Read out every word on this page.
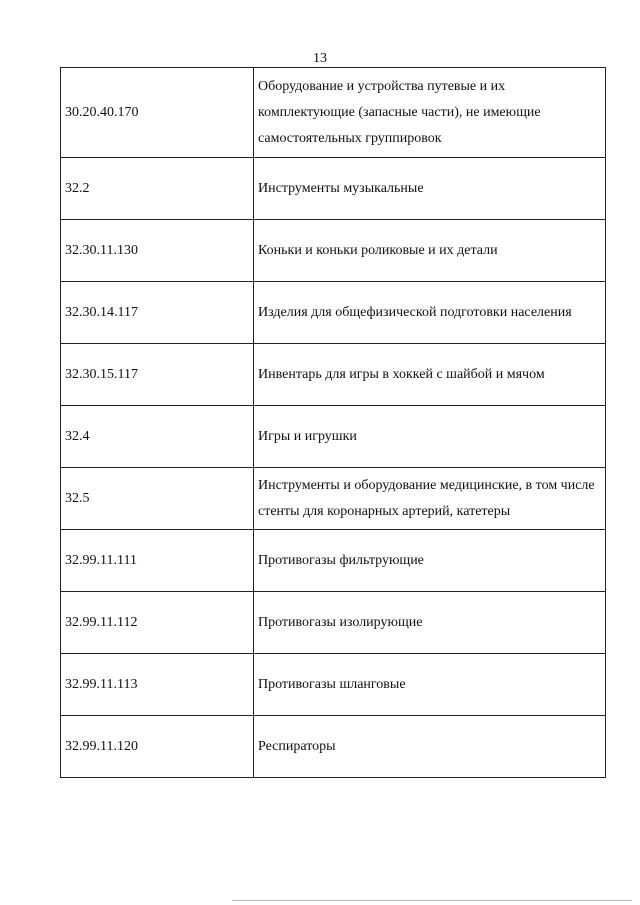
13
30.20.40.170	Оборудование и устройства путевые и их комплектующие (запасные части), не имеющие самостоятельных группировок
32.2	Инструменты музыкальные
32.30.11.130	Коньки и коньки роликовые и их детали
32.30.14.117	Изделия для общефизической подготовки населения
32.30.15.117	Инвентарь для игры в хоккей с шайбой и мячом
32.4	Игры и игрушки
32.5	Инструменты и оборудование медицинские, в том числе стенты для коронарных артерий, катетеры
32.99.11.111	Противогазы фильтрующие
32.99.11.112	Противогазы изолирующие
32.99.11.113	Противогазы шланговые
32.99.11.120	Респираторы
